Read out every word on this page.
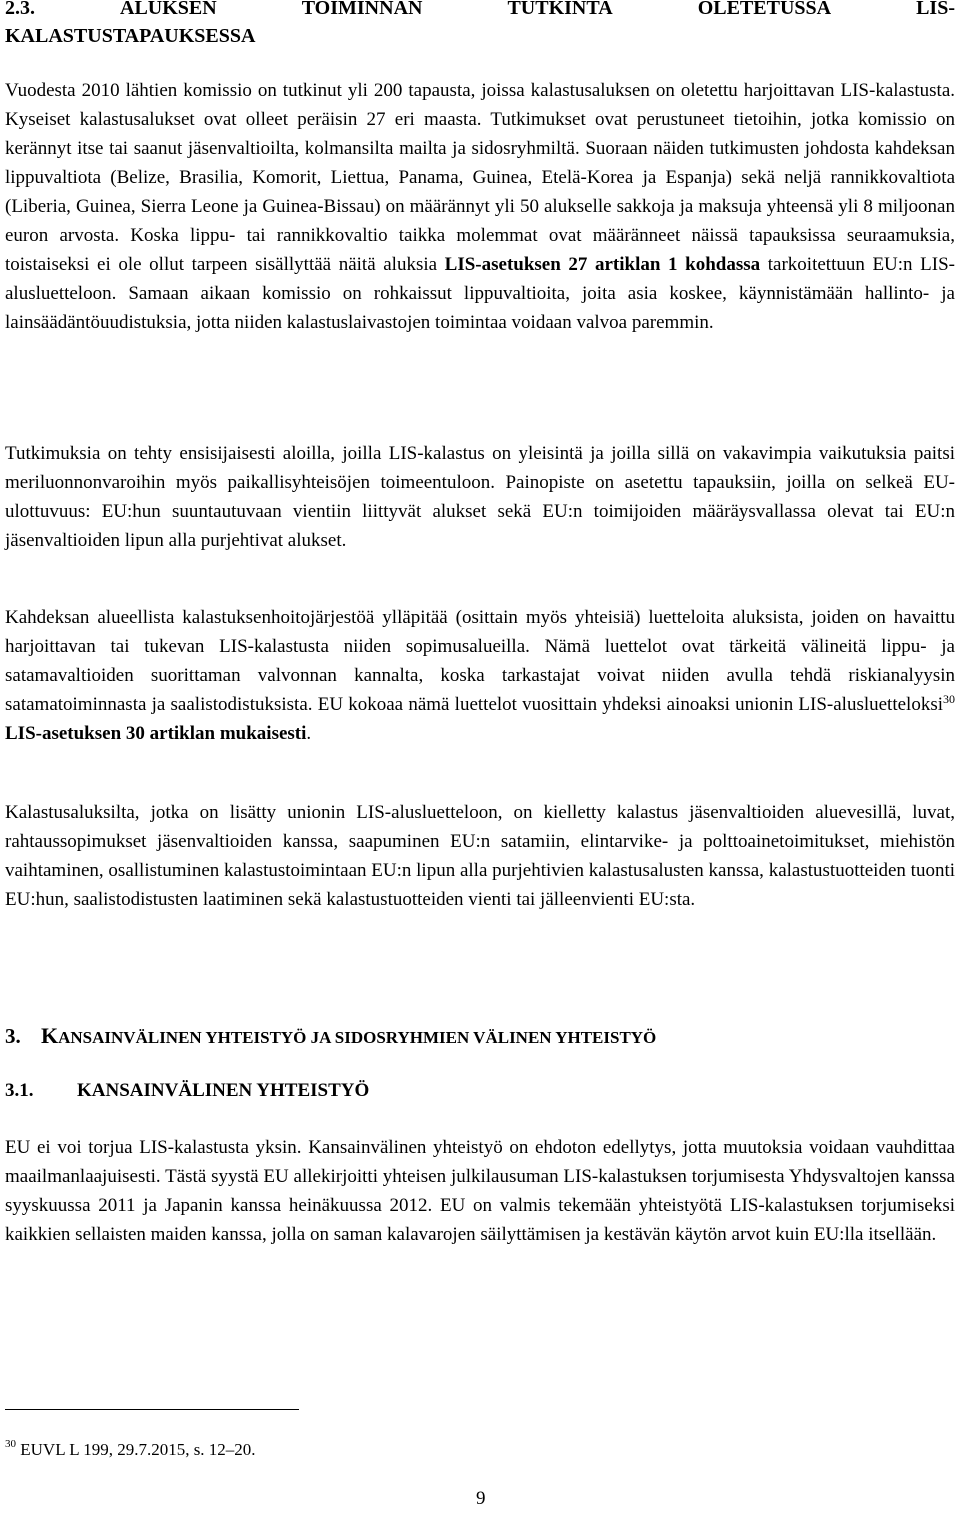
2.3.	ALUKSEN	TOIMINNAN	TUTKINTA	OLETETUSSA	LIS-
KALASTUSTAPAUKSESSA

Vuodesta 2010 lähtien komissio on tutkinut yli 200 tapausta, joissa kalastusaluksen on oletettu harjoittavan LIS-kalastusta. Kyseiset kalastusalukset ovat olleet peräisin 27 eri maasta. Tutkimukset ovat perustuneet tietoihin, jotka komissio on kerännyt itse tai saanut jäsenvaltioilta, kolmansilta mailta ja sidosryhmiltä. Suoraan näiden tutkimusten johdosta kahdeksan lippuvaltiota (Belize, Brasilia, Komorit, Liettua, Panama, Guinea, Etelä-Korea ja Espanja) sekä neljä rannikkovaltiota (Liberia, Guinea, Sierra Leone ja Guinea-Bissau) on määrännyt yli 50 alukselle sakkoja ja maksuja yhteensä yli 8 miljoonan euron arvosta. Koska lippu- tai rannikkovaltio taikka molemmat ovat määränneet näissä tapauksissa seuraamuksia, toistaiseksi ei ole ollut tarpeen sisällyttää näitä aluksia LIS-asetuksen 27 artiklan 1 kohdassa tarkoitettuun EU:n LIS-alusluetteloon. Samaan aikaan komissio on rohkaissut lippuvaltioita, joita asia koskee, käynnistämään hallinto- ja lainsäädäntöuudistuksia, jotta niiden kalastuslaivastojen toimintaa voidaan valvoa paremmin.

Tutkimuksia on tehty ensisijaisesti aloilla, joilla LIS-kalastus on yleisintä ja joilla sillä on vakavimpia vaikutuksia paitsi meriluonnonvaroihin myös paikallisyhteisöjen toimeentuloon. Painopiste on asetettu tapauksiin, joilla on selkeä EU-ulottuvuus: EU:hun suuntautuvaan vientiin liittyvät alukset sekä EU:n toimijoiden määräysvallassa olevat tai EU:n jäsenvaltioiden lipun alla purjehtivat alukset.

Kahdeksan alueellista kalastuksenhoitojärjestöä ylläpitää (osittain myös yhteisiä) luetteloita aluksista, joiden on havaittu harjoittavan tai tukevan LIS-kalastusta niiden sopimusalueilla. Nämä luettelot ovat tärkeitä välineitä lippu- ja satamavaltioiden suorittaman valvonnan kannalta, koska tarkastajat voivat niiden avulla tehdä riskianalyysin satamatoiminnasta ja saalistodistuksista. EU kokoaa nämä luettelot vuosittain yhdeksi ainoaksi unionin LIS-alusluetteloksi$^{30}$ LIS-asetuksen 30 artiklan mukaisesti.

Kalastusaluksilta, jotka on lisätty unionin LIS-alusluetteloon, on kielletty kalastus jäsenvaltioiden aluevesillä, luvat, rahtaussopimukset jäsenvaltioiden kanssa, saapuminen EU:n satamiin, elintarvike- ja polttoainetoimitukset, miehistön vaihtaminen, osallistuminen kalastustoimintaan EU:n lipun alla purjehtivien kalastusalusten kanssa, kalastustuotteiden tuonti EU:hun, saalistodistusten laatiminen sekä kalastustuotteiden vienti tai jälleenvienti EU:sta.

3. KANSAINVÄLINEN YHTEISTYÖ JA SIDOSRYHMIEN VÄLINEN YHTEISTYÖ
3.1. KANSAINVÄLINEN YHTEISTYÖ

EU ei voi torjua LIS-kalastusta yksin. Kansainvälinen yhteistyö on ehdoton edellytys, jotta muutoksia voidaan vauhdittaa maailmanlaajuisesti. Tästä syystä EU allekirjoitti yhteisen julkilausuman LIS-kalastuksen torjumisesta Yhdysvaltojen kanssa syyskuussa 2011 ja Japanin kanssa heinäkuussa 2012. EU on valmis tekemään yhteistyötä LIS-kalastuksen torjumiseksi kaikkien sellaisten maiden kanssa, jolla on saman kalavarojen säilyttämisen ja kestävän käytön arvot kuin EU:lla itsellään.

$^{30}$ EUVL L 199, 29.7.2015, s. 12–20.
9
